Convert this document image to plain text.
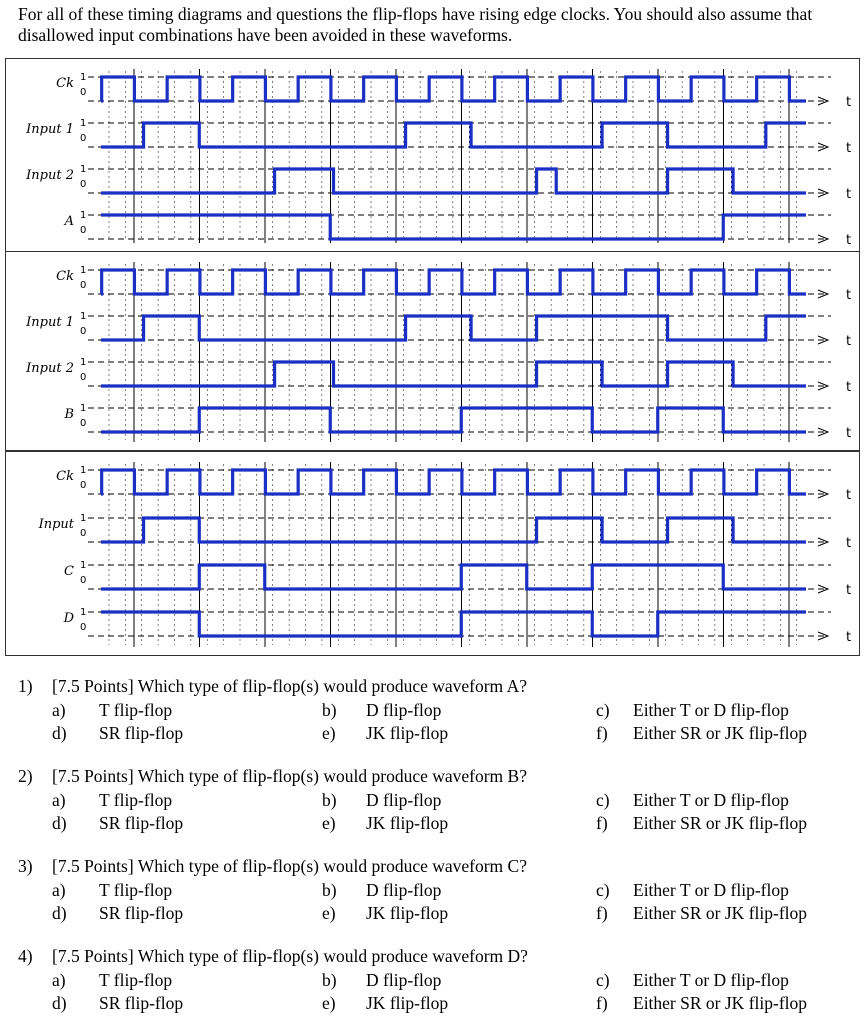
For all of these timing diagrams and questions the flip-flops have rising edge clocks. You should also assume that disallowed input combinations have been avoided in these waveforms.

Ck 1
0
t
Input 1 1
0
t
Input 2 1
0
t
A 1
0
t
Ck 1
0
t
Input 1 1
0
t
Input 2 1
0
t
B 1
0
t
Ck 1
0
t
Input 1
0
t
C 1
0
t
D 1
0
t
1) [7.5 Points] Which type of flip-flop(s) would produce waveform A?
a) T flip-flop	b) D flip-flop	c) Either T or D flip-flop
d) SR flip-flop	e) JK flip-flop	f) Either SR or JK flip-flop
2) [7.5 Points] Which type of flip-flop(s) would produce waveform B?
a) T flip-flop	b) D flip-flop	c) Either T or D flip-flop
d) SR flip-flop	e) JK flip-flop	f) Either SR or JK flip-flop
3) [7.5 Points] Which type of flip-flop(s) would produce waveform C?
a) T flip-flop	b) D flip-flop	c) Either T or D flip-flop
d) SR flip-flop	e) JK flip-flop	f) Either SR or JK flip-flop
4) [7.5 Points] Which type of flip-flop(s) would produce waveform D?
a) T flip-flop	b) D flip-flop	c) Either T or D flip-flop
d) SR flip-flop	e) JK flip-flop	f) Either SR or JK flip-flop
